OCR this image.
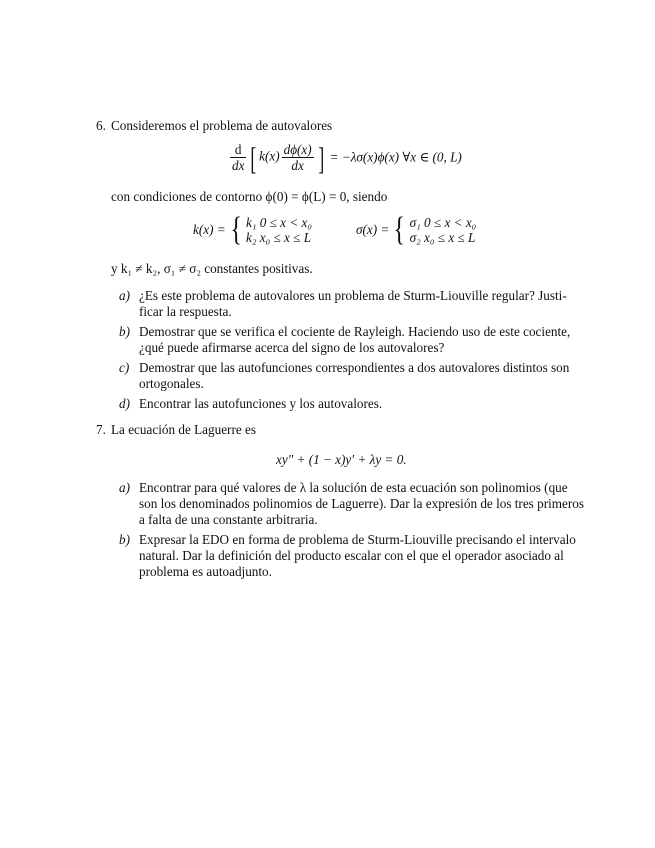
6. Consideremos el problema de autovalores
$\frac{d}{dx}$ [ $k(x) \frac{d\phi(x)}{dx}$ ] = −λσ(x)ϕ(x) ∀x ∈ (0, L)
con condiciones de contorno ϕ(0) = ϕ(L) = 0, siendo
k(x) = { k₁ 0 ≤ x < x₀
k₂ x₀ ≤ x ≤ L
σ(x) = { σ₁ 0 ≤ x < x₀
σ₂ x₀ ≤ x ≤ L
y k₁ ≠ k₂, σ₁ ≠ σ₂ constantes positivas.
a) ¿Es este problema de autovalores un problema de Sturm-Liouville regular? Justi-
ficar la respuesta.
b) Demostrar que se verifica el cociente de Rayleigh. Haciendo uso de este cociente,
¿qué puede afirmarse acerca del signo de los autovalores?
c) Demostrar que las autofunciones correspondientes a dos autovalores distintos son
ortogonales.
d) Encontrar las autofunciones y los autovalores.
7. La ecuación de Laguerre es
xy″ + (1 − x)y′ + λy = 0.
a) Encontrar para qué valores de λ la solución de esta ecuación son polinomios (que
son los denominados polinomios de Laguerre). Dar la expresión de los tres primeros
a falta de una constante arbitraria.
b) Expresar la EDO en forma de problema de Sturm-Liouville precisando el intervalo
natural. Dar la definición del producto escalar con el que el operador asociado al
problema es autoadjunto.
